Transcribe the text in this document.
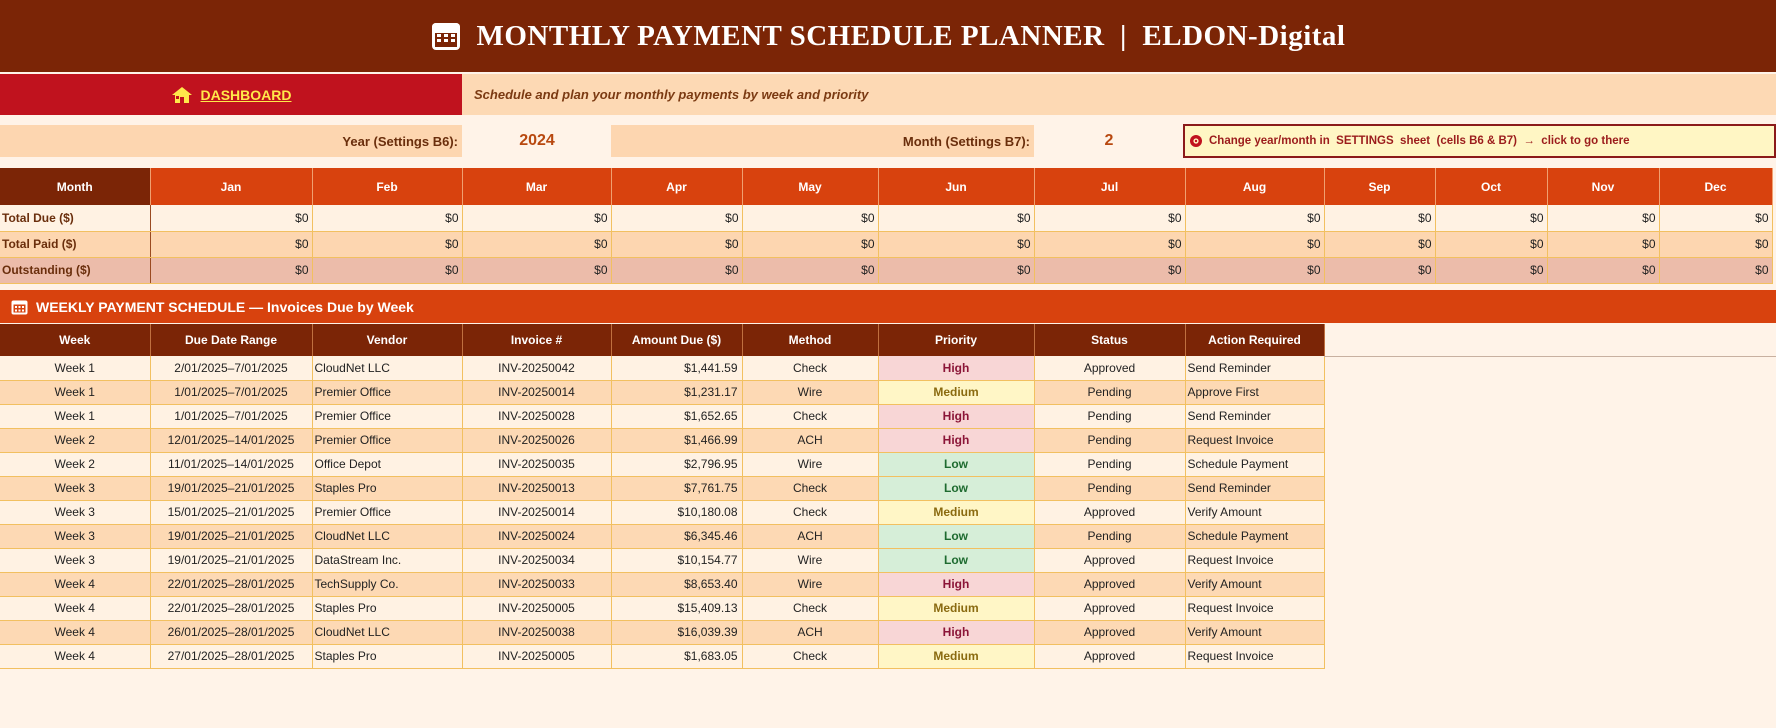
MONTHLY PAYMENT SCHEDULE PLANNER  |  ELDON-Digital
DASHBOARD	Schedule and plan your monthly payments by week and priority
Year (Settings B6):	2024	Month (Settings B7):	2	Change year/month in  SETTINGS  sheet  (cells B6 & B7)  →  click to go there
Month	Jan	Feb	Mar	Apr	May	Jun	Jul	Aug	Sep	Oct	Nov	Dec
Total Due ($)	$0	$0	$0	$0	$0	$0	$0	$0	$0	$0	$0	$0
Total Paid ($)	$0	$0	$0	$0	$0	$0	$0	$0	$0	$0	$0	$0
Outstanding ($)	$0	$0	$0	$0	$0	$0	$0	$0	$0	$0	$0	$0
WEEKLY PAYMENT SCHEDULE — Invoices Due by Week
Week	Due Date Range	Vendor	Invoice #	Amount Due ($)	Method	Priority	Status	Action Required
Week 1	2/01/2025–7/01/2025	CloudNet LLC	INV-20250042	$1,441.59	Check	High	Approved	Send Reminder
Week 1	1/01/2025–7/01/2025	Premier Office	INV-20250014	$1,231.17	Wire	Medium	Pending	Approve First
Week 1	1/01/2025–7/01/2025	Premier Office	INV-20250028	$1,652.65	Check	High	Pending	Send Reminder
Week 2	12/01/2025–14/01/2025	Premier Office	INV-20250026	$1,466.99	ACH	High	Pending	Request Invoice
Week 2	11/01/2025–14/01/2025	Office Depot	INV-20250035	$2,796.95	Wire	Low	Pending	Schedule Payment
Week 3	19/01/2025–21/01/2025	Staples Pro	INV-20250013	$7,761.75	Check	Low	Pending	Send Reminder
Week 3	15/01/2025–21/01/2025	Premier Office	INV-20250014	$10,180.08	Check	Medium	Approved	Verify Amount
Week 3	19/01/2025–21/01/2025	CloudNet LLC	INV-20250024	$6,345.46	ACH	Low	Pending	Schedule Payment
Week 3	19/01/2025–21/01/2025	DataStream Inc.	INV-20250034	$10,154.77	Wire	Low	Approved	Request Invoice
Week 4	22/01/2025–28/01/2025	TechSupply Co.	INV-20250033	$8,653.40	Wire	High	Approved	Verify Amount
Week 4	22/01/2025–28/01/2025	Staples Pro	INV-20250005	$15,409.13	Check	Medium	Approved	Request Invoice
Week 4	26/01/2025–28/01/2025	CloudNet LLC	INV-20250038	$16,039.39	ACH	High	Approved	Verify Amount
Week 4	27/01/2025–28/01/2025	Staples Pro	INV-20250005	$1,683.05	Check	Medium	Approved	Request Invoice
